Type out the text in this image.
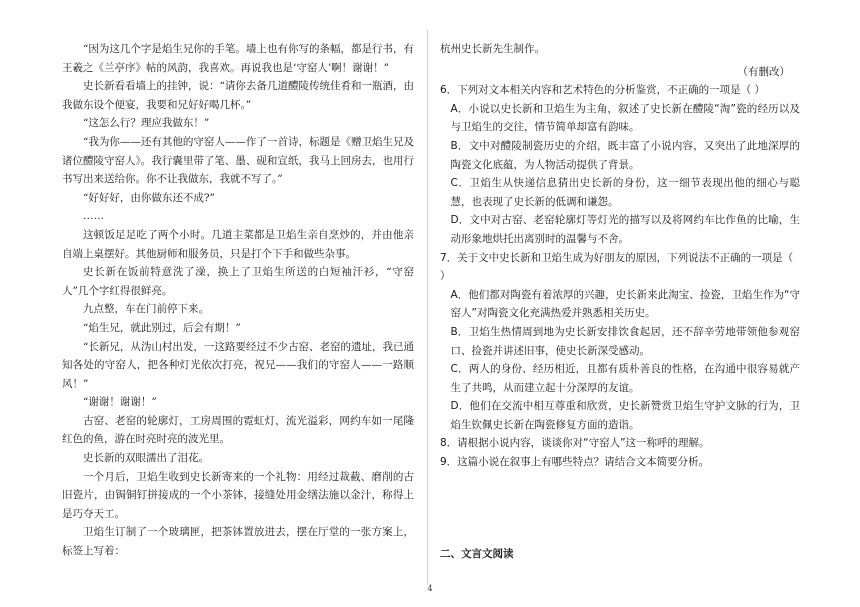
“因为这几个字是焰生兄你的手笔。墙上也有你写的条幅，都是行书，有王羲之《兰亭序》帖的风韵，我喜欢。再说我也是‘守窑人’啊！谢谢！”

史长新看看墙上的挂钟，说：“请你去备几道醴陵传统佳肴和一瓶酒，由我做东设个便宴，我要和兄好好喝几杯。”

“这怎么行？理应我做东！”

“我为你——还有其他的守窑人——作了一首诗，标题是《赠卫焰生兄及诸位醴陵守窑人》。我行囊里带了笔、墨、砚和宣纸，我马上回房去，也用行书写出来送给你。你不让我做东，我就不写了。”

“好好好，由你做东还不成?”

……

这顿饭足足吃了两个小时。几道主菜都是卫焰生亲自烹炒的，并由他亲自端上桌摆好。其他厨师和服务员，只是打个下手和做些杂事。

史长新在饭前特意洗了澡，换上了卫焰生所送的白短袖汗衫，“守窑人”几个字红得很鲜亮。

九点整，车在门前停下来。

“焰生兄，就此别过，后会有期！”

“长新兄，从沩山村出发，一这路要经过不少古窑、老窑的遗址，我已通知各处的守窑人，把各种灯光依次打亮，祝兄——我们的守窑人——一路顺风！”

“谢谢！谢谢！”

古窑、老窑的轮廓灯，工房周围的霓虹灯，流光溢彩，网约车如一尾隆红色的鱼，游在时亮时亮的波光里。

史长新的双眼濡出了泪花。

一个月后，卫焰生收到史长新寄来的一个礼物：用经过裁截、磨削的古旧瓷片，由锔铜钉拼接成的一个小茶钵，接缝处用金缮法施以金汁，称得上是巧夺天工。

卫焰生订制了一个玻璃匣，把茶钵置放进去，摆在厅堂的一张方案上，标签上写着：

杭州史长新先生制作。

（有删改）

6．下列对文本相关内容和艺术特色的分析鉴赏，不正确的一项是（ ）

A．小说以史长新和卫焰生为主角，叙述了史长新在醴陵“淘”瓷的经历以及与卫焰生的交往，情节简单却富有韵味。

B．文中对醴陵制瓷历史的介绍，既丰富了小说内容，又突出了此地深厚的陶瓷文化底蕴，为人物活动提供了背景。

C．卫焰生从快递信息猜出史长新的身份，这一细节表现出他的细心与聪慧，也表现了史长新的低调和谦怨。

D．文中对古窑、老窑轮廓灯等灯光的描写以及将网约车比作鱼的比喻，生动形象地烘托出离别时的温馨与不舍。

7．关于文中史长新和卫焰生成为好朋友的原因，下列说法不正确的一项是（ ）

A．他们都对陶瓷有着浓厚的兴趣，史长新来此淘宝、捡瓷，卫焰生作为“守窑人”对陶瓷文化充满热爱并熟悉相关历史。

B．卫焰生热情周到地为史长新安排饮食起居，还不辞辛劳地带领他参观窑口、捡瓷并讲述旧事，使史长新深受感动。

C．两人的身份、经历相近，且都有质朴善良的性格，在沟通中很容易就产生了共鸣，从而建立起十分深厚的友谊。

D．他们在交流中相互尊重和欣赏，史长新赞赏卫焰生守护文脉的行为，卫焰生钦佩史长新在陶瓷修复方面的造诣。

8．请根据小说内容，谈谈你对“守窑人”这一称呼的理解。

9．这篇小说在叙事上有哪些特点？请结合文本简要分析。

二、文言文阅读
4
